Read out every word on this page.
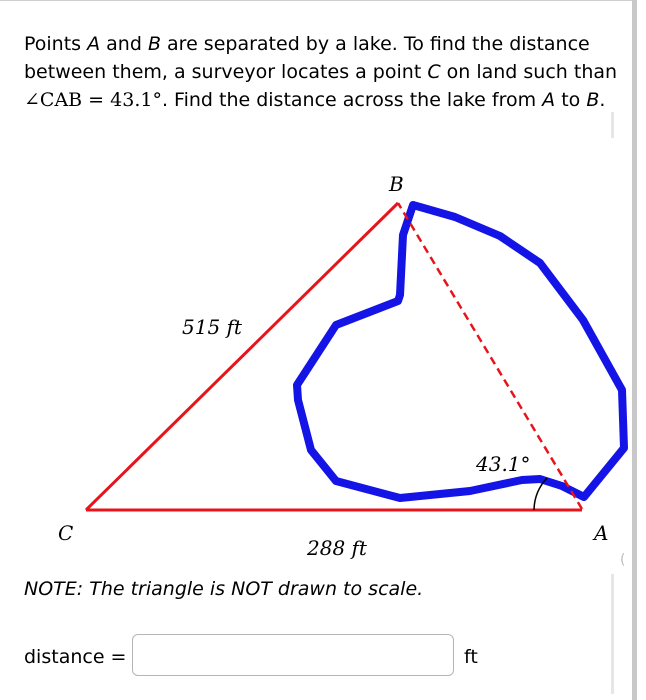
(
Points A and B are separated by a lake. To find the distance between them, a surveyor locates a point C on land such than ∠CAB = 43.1°. Find the distance across the lake from A to B.
B
C	A
515 ft
288 ft
43.1°
NOTE: The triangle is NOT drawn to scale.
distance =	ft
